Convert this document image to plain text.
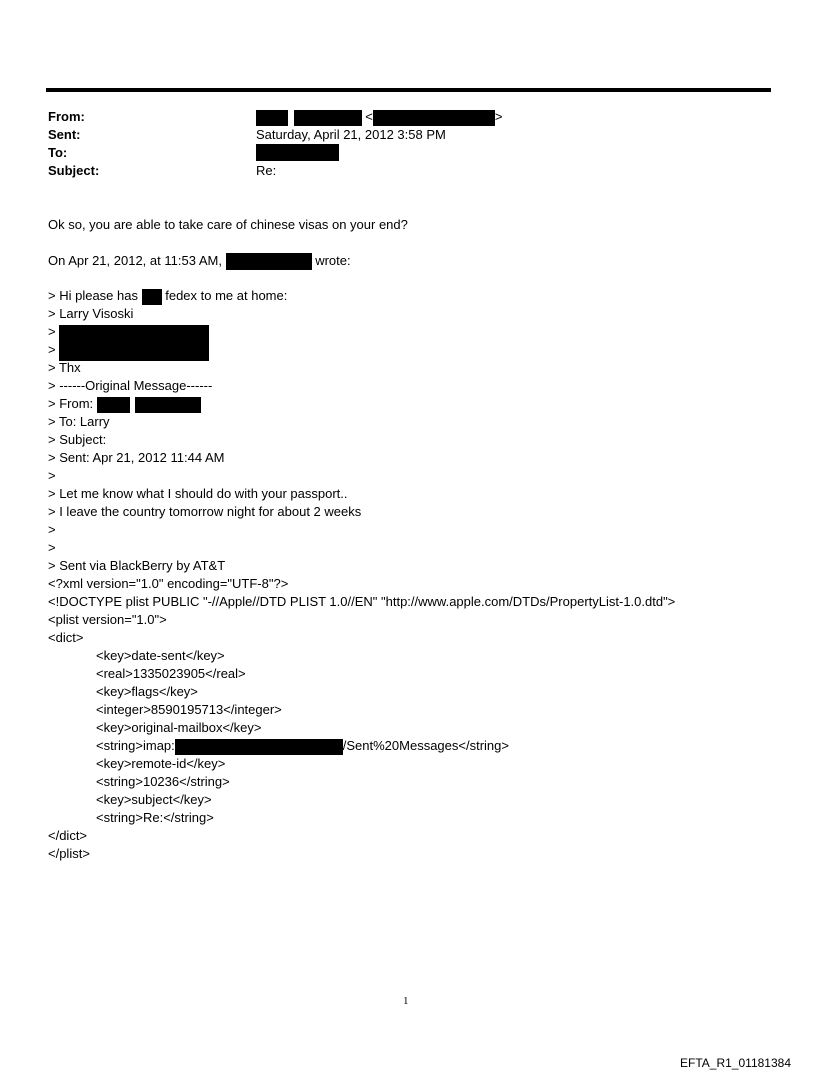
From:	<	>
Sent:	Saturday, April 21, 2012 3:58 PM
To:
Subject:	Re:
Ok so, you are able to take care of chinese visas on your end?
On Apr 21, 2012, at 11:53 AM,	wrote:
> Hi please has fedex to me at home:
> Larry Visoski
>
>
> Thx
> ------Original Message------
> From:
> To: Larry
> Subject:
> Sent: Apr 21, 2012 11:44 AM
>
> Let me know what I should do with your passport..
> I leave the country tomorrow night for about 2 weeks
>
>
> Sent via BlackBerry by AT&T
<?xml version="1.0" encoding="UTF-8"?>
<!DOCTYPE plist PUBLIC "-//Apple//DTD PLIST 1.0//EN" "http://www.apple.com/DTDs/PropertyList-1.0.dtd">
<plist version="1.0">
<dict>
<key>date-sent</key>
<real>1335023905</real>
<key>flags</key>
<integer>8590195713</integer>
<key>original-mailbox</key>
<string>imap:	/Sent%20Messages</string>
<key>remote-id</key>
<string>10236</string>
<key>subject</key>
<string>Re:</string>
</dict>
</plist>
1
EFTA_R1_01181384
